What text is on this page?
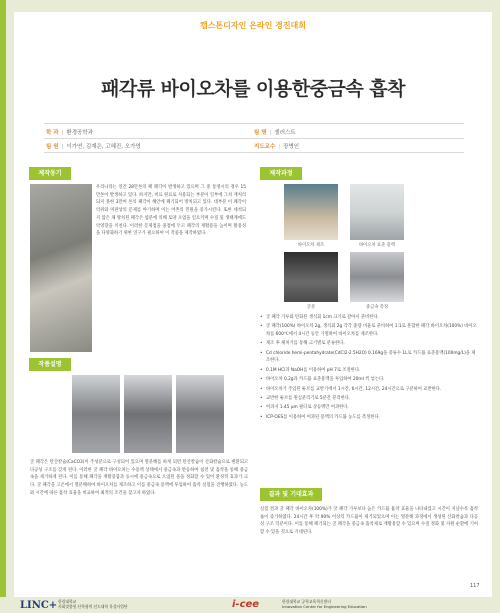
캡스톤디자인 온라인 경진대회
패각류 바이오차를 이용한중금속 흡착
학 과 | 환경공학과	팀 명 | 셀러스트
팀 원 | 이가연, 김재은, 고혜진, 오가영	지도교수 | 장병인
제작동기
우리나라는 연간 28만톤의 패 폐각이 발생하고 있으며 그 중 통영시의 경우 15만톤이 발생하고 있다. 하지만, 비료 원료로 사용되는 부분이 일부에 그쳐 재처리되지 못한 3만여 톤의 패각이 해안에 폐기되어 방치되고 있다. 대부분 이 폐각이 악취와 미관상의 문제를 야기하며 이는 어촌의 민원을 증가시킨다. 또한 세척되지 않은 채 방치된 패각은 염분에 의해 토양 오염을 일으키며 수질 및 생태계에도 악영향을 끼친다. 이러한 문제점을 중점에 두고 패각의 재활용을 높이며 활용성을 다양화하기 위한 연구가 필요하여 이 작품을 제작하였다.
작품설명
굴 패각은 탄산칼슘(CaCO3)이 주성분으로 구성되어 있으며 열분해를 하게 되면 탄산칼슘이 산화칼슘으로 변환되고 다공성 구조를 갖게 된다. 이러한 굴 패각 바이오차는 수용액 상태에서 중금속과 반응하여 침전 및 흡착을 통해 중금속을 제거하게 된다. 이를 통해 폐각을 재활용함과 동시에 중금속으로 오염된 물을 정화할 수 있어 환경적 효과가 크다. 굴 패각을 고온에서 열분해하여 바이오차를 제조하고 이를 중금속 용액에 투입하여 흡착 실험을 진행하였다. 농도와 시간에 따른 흡착 효율을 비교하여 최적의 조건을 찾고자 하였다.
제작과정
바이오차 제조	바이오차 표준 용액
굴분	중금속 측정
• 굴 패각 가루와 탄화된 생석회 1cm 크기로 갈아서 준비한다.
• 굴 패각(100%) 바이오차 2g, 생석회 2g 각각 중량 비율로 준비하여 1:1로 혼합한 패각 바이오차(100%) 바이오차를 600℃에서 4시간 동안 가열하여 바이오차를 제조한다.
• 제조 후 체치기를 통해 크기별로 분류한다.
• Cd chloride hemi-pentahydrate(CdCl2·2.5H2O) 0.169g을 증류수 1L로 카드뮴 표준용액(100mg/L)을 제조한다.
• 0.1M HCl과 NaOH를 이용하여 pH 7로 조절한다.
• 바이오차 0.2g과 카드뮴 표준용액을 투입하여 20ml 씩 넣는다.
• 바이오차가 주입된 튜브를 교반기에서 1시간, 6시간, 12시간, 24시간으로 구분하여 교반한다.
• 교반한 튜브를 원심분리기로 5분간 분리한다.
• 여과지 1.45 μm 필터로 상등액만 여과한다.
• ICP-OES를 이용하여 여과된 용액의 카드뮴 농도를 측정한다.
결과 및 기대효과
실험 결과 굴 패각 바이오차(100%)가 굴 패각 가루보다 높은 카드뮴 흡착 효율을 나타내었고 시간이 지날수록 흡착률이 증가하였다. 24시간 후 약 90% 이상의 카드뮴이 제거되었으며 이는 열분해 과정에서 생성된 산화칼슘과 다공성 구조 덕분이다. 이를 통해 폐기되는 굴 패각을 중금속 흡착제로 재활용할 수 있으며 수질 정화 및 자원 순환에 기여할 수 있을 것으로 기대된다.
117
LINC+ 한림대학교
사회맞춤형 산학협력 선도대학 육성사업단	i-cee	한림대학교 공학교육혁신센터
Innovation Center for Engineering Education
